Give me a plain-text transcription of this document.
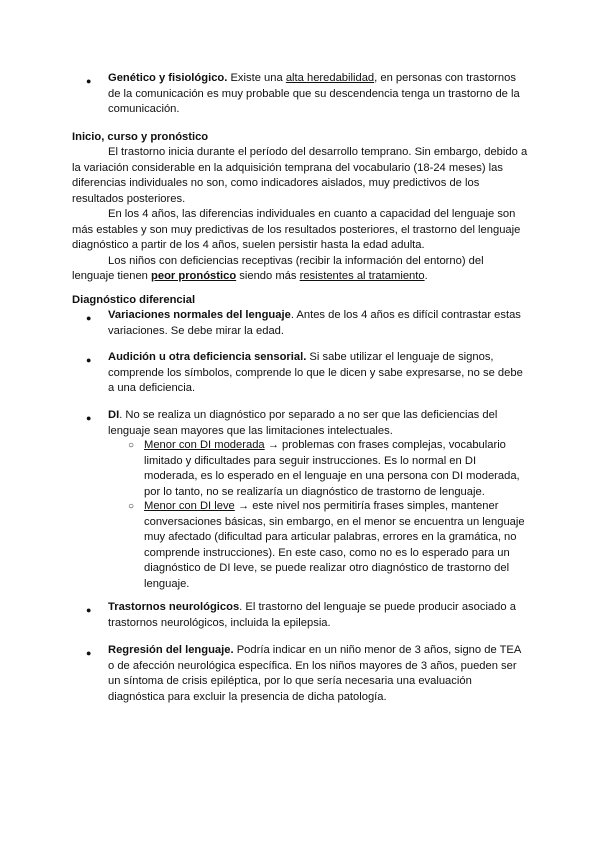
●	Genético y fisiológico. Existe una alta heredabilidad, en personas con trastornos de la comunicación es muy probable que su descendencia tenga un trastorno de la comunicación.
Inicio, curso y pronóstico

El trastorno inicia durante el período del desarrollo temprano. Sin embargo, debido a la variación considerable en la adquisición temprana del vocabulario (18-24 meses) las diferencias individuales no son, como indicadores aislados, muy predictivos de los resultados posteriores.

En los 4 años, las diferencias individuales en cuanto a capacidad del lenguaje son más estables y son muy predictivas de los resultados posteriores, el trastorno del lenguaje diagnóstico a partir de los 4 años, suelen persistir hasta la edad adulta.

Los niños con deficiencias receptivas (recibir la información del entorno) del lenguaje tienen peor pronóstico siendo más resistentes al tratamiento.

Diagnóstico diferencial
●	Variaciones normales del lenguaje. Antes de los 4 años es difícil contrastar estas variaciones. Se debe mirar la edad.
●	Audición u otra deficiencia sensorial. Si sabe utilizar el lenguaje de signos, comprende los símbolos, comprende lo que le dicen y sabe expresarse, no se debe a una deficiencia.
●	DI. No se realiza un diagnóstico por separado a no ser que las deficiencias del lenguaje sean mayores que las limitaciones intelectuales.
○ Menor con DI moderada → problemas con frases complejas, vocabulario limitado y dificultades para seguir instrucciones. Es lo normal en DI moderada, es lo esperado en el lenguaje en una persona con DI moderada, por lo tanto, no se realizaría un diagnóstico de trastorno de lenguaje.
○ Menor con DI leve → este nivel nos permitiría frases simples, mantener conversaciones básicas, sin embargo, en el menor se encuentra un lenguaje muy afectado (dificultad para articular palabras, errores en la gramática, no comprende instrucciones). En este caso, como no es lo esperado para un diagnóstico de DI leve, se puede realizar otro diagnóstico de trastorno del lenguaje.
●	Trastornos neurológicos. El trastorno del lenguaje se puede producir asociado a trastornos neurológicos, incluida la epilepsia.
●	Regresión del lenguaje. Podría indicar en un niño menor de 3 años, signo de TEA o de afección neurológica específica. En los niños mayores de 3 años, pueden ser un síntoma de crisis epiléptica, por lo que sería necesaria una evaluación diagnóstica para excluir la presencia de dicha patología.
